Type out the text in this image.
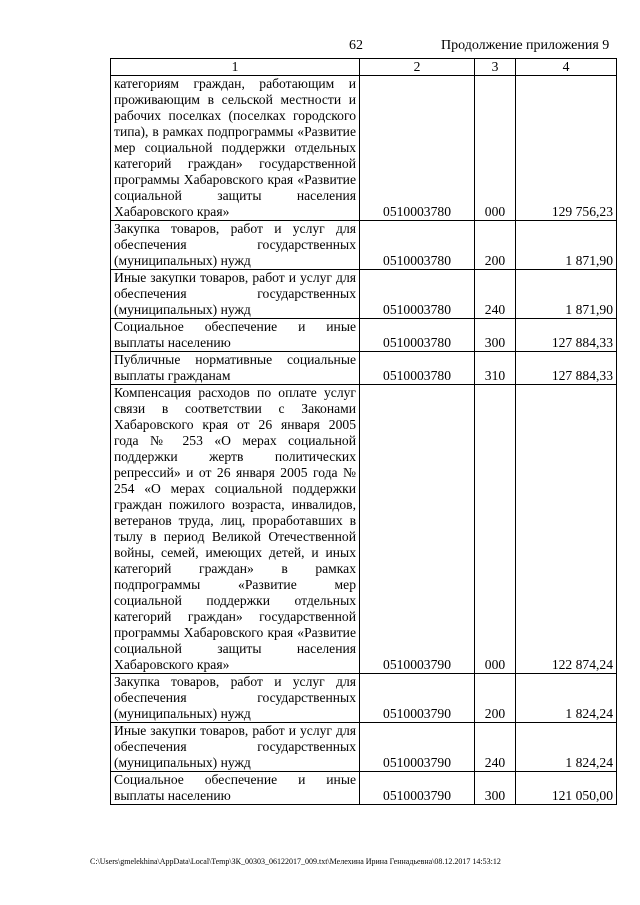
62	Продолжение приложения 9
1	2	3	4
категориям граждан, работающим и проживающим в сельской местности и рабочих поселках (поселках городского типа), в рамках подпрограммы «Развитие мер социальной поддержки отдельных категорий граждан» государственной программы Хабаровского края «Развитие социальной защиты населения Хабаровского края»	0510003780	000	129 756,23
Закупка товаров, работ и услуг для обеспечения государственных (муниципальных) нужд	0510003780	200	1 871,90
Иные закупки товаров, работ и услуг для обеспечения государственных (муниципальных) нужд	0510003780	240	1 871,90
Социальное обеспечение и иные выплаты населению	0510003780	300	127 884,33
Публичные нормативные социальные выплаты гражданам	0510003780	310	127 884,33
Компенсация расходов по оплате услуг связи в соответствии с Законами Хабаровского края от 26 января 2005 года № 253 «О мерах социальной поддержки жертв политических репрессий» и от 26 января 2005 года № 254 «О мерах социальной поддержки граждан пожилого возраста, инвалидов, ветеранов труда, лиц, проработавших в тылу в период Великой Отечественной войны, семей, имеющих детей, и иных категорий граждан» в рамках подпрограммы «Развитие мер социальной поддержки отдельных категорий граждан» государственной программы Хабаровского края «Развитие социальной защиты населения Хабаровского края»	0510003790	000	122 874,24
Закупка товаров, работ и услуг для обеспечения государственных (муниципальных) нужд	0510003790	200	1 824,24
Иные закупки товаров, работ и услуг для обеспечения государственных (муниципальных) нужд	0510003790	240	1 824,24
Социальное обеспечение и иные выплаты населению	0510003790	300	121 050,00
C:\Users\gmelekhina\AppData\Local\Temp\ЗК_00303_06122017_009.txt\Мелехина Ирина Геннадьевна\08.12.2017 14:53:12
